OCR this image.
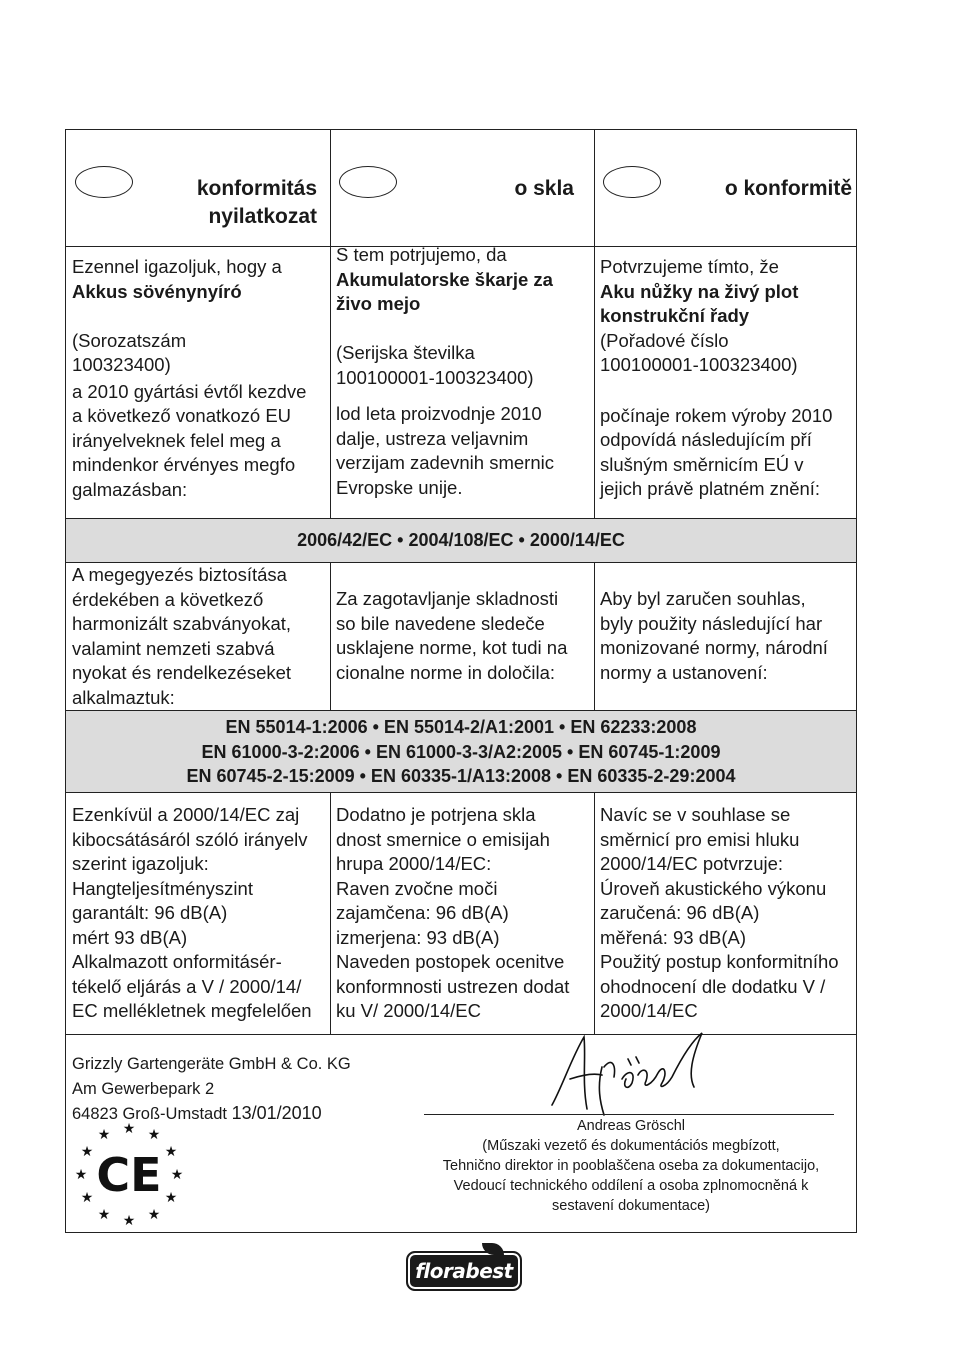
konformitás
nyilatkozat
o skla	o konformitě
Ezennel igazoljuk, hogy a
Akkus sövénynyíró
(Sorozatszám
100323400)
a 2010 gyártási évtől kezdve
a következő vonatkozó EU
irányelveknek felel meg a
mindenkor érvényes megfo
galmazásban:
S tem potrjujemo, da
Akumulatorske škarje za
živo mejo
(Serijska številka
100100001-100323400)
lod leta proizvodnje 2010
dalje, ustreza veljavnim
verzijam zadevnih smernic
Evropske unije.
Potvrzujeme tímto, že
Aku nůžky na živý plot
konstrukční řady
(Pořadové číslo
100100001-100323400)
počínaje rokem výroby 2010
odpovídá následujícím pří
slušným směrnicím EÚ v
jejich právě platném znění:
2006/42/EC • 2004/108/EC • 2000/14/EC
A megegyezés biztosítása
érdekében a következő
harmonizált szabványokat,
valamint nemzeti szabvá
nyokat és rendelkezéseket
alkalmaztuk:
Za zagotavljanje skladnosti
so bile navedene sledeče
usklajene norme, kot tudi na
cionalne norme in določila:
Aby byl zaručen souhlas,
byly použity následující har
monizované normy, národní
normy a ustanovení:
EN 55014-1:2006 • EN 55014-2/A1:2001 • EN 62233:2008
EN 61000-3-2:2006 • EN 61000-3-3/A2:2005 • EN 60745-1:2009
EN 60745-2-15:2009 • EN 60335-1/A13:2008 • EN 60335-2-29:2004
Ezenkívül a 2000/14/EC zaj
kibocsátásáról szóló irányelv
szerint igazoljuk:
Hangteljesítményszint
garantált: 96 dB(A)
mért 93 dB(A)
Alkalmazott onformitásér-
tékelő eljárás a V / 2000/14/
EC mellékletnek megfelelően
Dodatno je potrjena skla
dnost smernice o emisijah
hrupa 2000/14/EC:
Raven zvočne moči
zajamčena: 96 dB(A)
izmerjena: 93 dB(A)
Naveden postopek ocenitve
konformnosti ustrezen dodat
ku V/ 2000/14/EC
Navíc se v souhlase se
směrnicí pro emisi hluku
2000/14/EC potvrzuje:
Úroveň akustického výkonu
zaručená: 96 dB(A)
měřená: 93 dB(A)
Použitý postup konformitního
ohodnocení dle dodatku V /
2000/14/EC
Grizzly Gartengeräte GmbH & Co. KG
Am Gewerbepark 2
64823 Groß-Umstadt 13/01/2010
★ ★
★
★
★
★
★
★
★
★
★
★
CE
Andreas Gröschl
(Műszaki vezető és dokumentációs megbízott,
Tehnično direktor in pooblaščena oseba za dokumentacijo,
Vedoucí technického oddílení a osoba zplnomocněná k
sestavení dokumentace)
florabest
